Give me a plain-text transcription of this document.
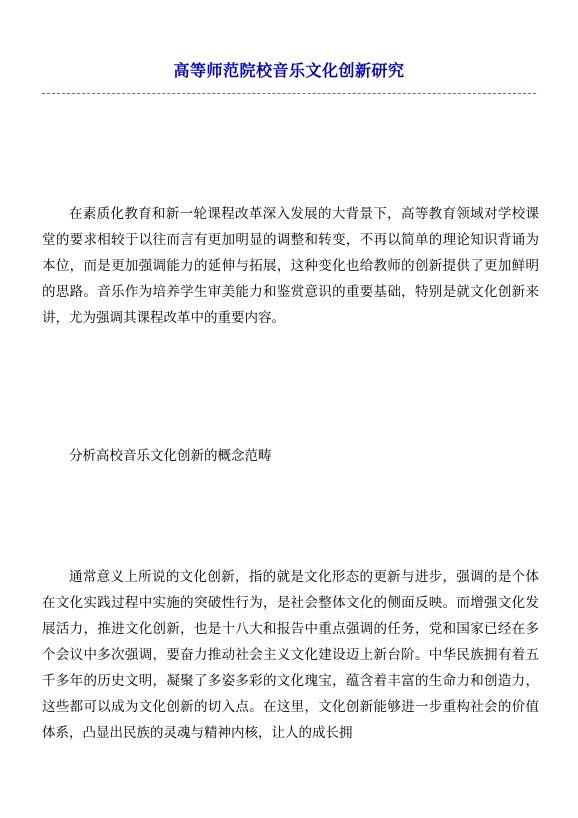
高等师范院校音乐文化创新研究

在素质化教育和新一轮课程改革深入发展的大背景下，高等教育领域对学校课堂的要求相较于以往而言有更加明显的调整和转变，不再以简单的理论知识背诵为本位，而是更加强调能力的延伸与拓展，这种变化也给教师的创新提供了更加鲜明的思路。音乐作为培养学生审美能力和鉴赏意识的重要基础，特别是就文化创新来讲，尤为强调其课程改革中的重要内容。

分析高校音乐文化创新的概念范畴

通常意义上所说的文化创新，指的就是文化形态的更新与进步，强调的是个体在文化实践过程中实施的突破性行为，是社会整体文化的侧面反映。而增强文化发展活力，推进文化创新，也是十八大和报告中重点强调的任务，党和国家已经在多个会议中多次强调，要奋力推动社会主义文化建设迈上新台阶。中华民族拥有着五千多年的历史文明，凝聚了多姿多彩的文化瑰宝，蕴含着丰富的生命力和创造力，这些都可以成为文化创新的切入点。在这里，文化创新能够进一步重构社会的价值体系，凸显出民族的灵魂与精神内核，让人的成长拥
